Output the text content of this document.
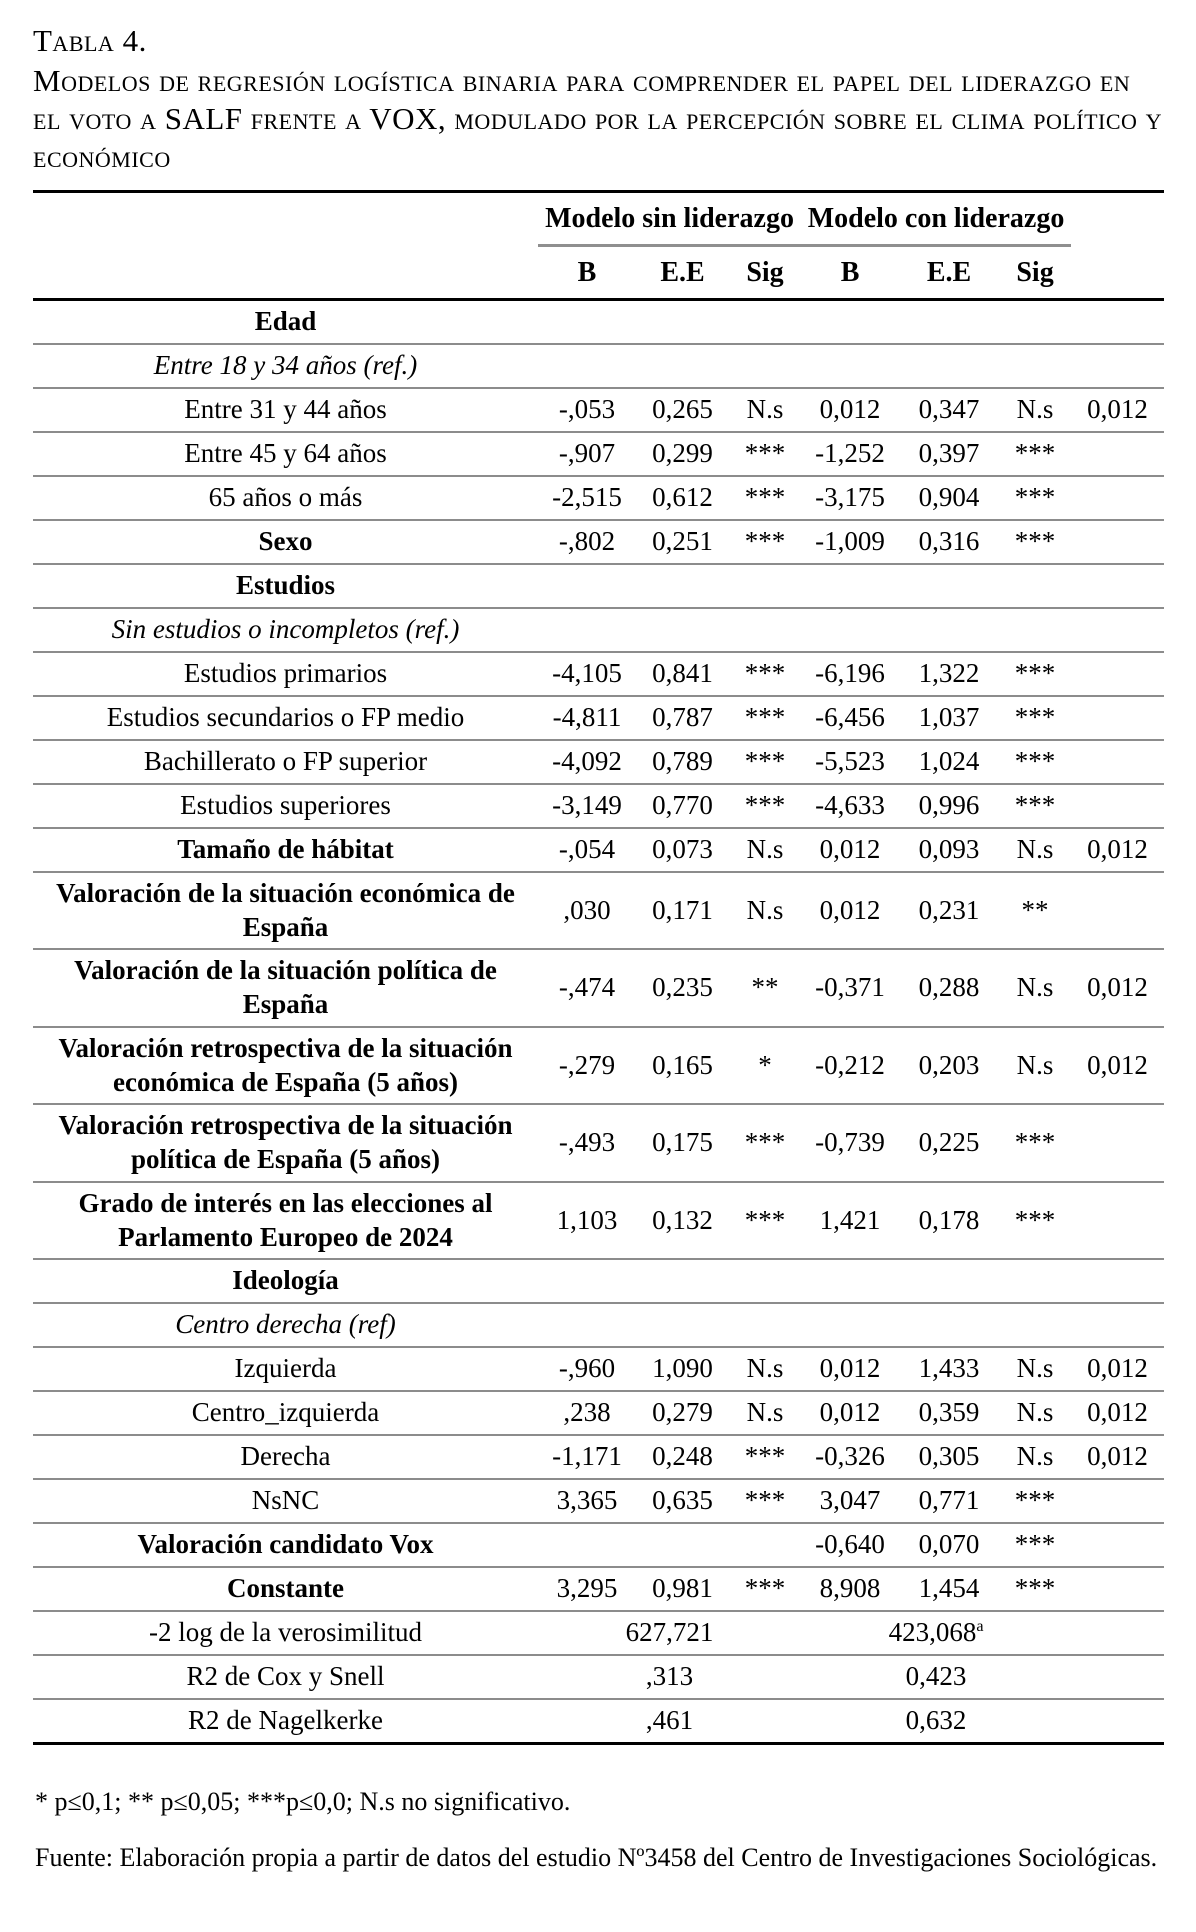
Tabla 4.

Modelos de regresión logística binaria para comprender el papel del liderazgo en el voto a SALF frente a VOX, modulado por la percepción sobre el clima político y económico

	Modelo sin liderazgo			Modelo con liderazgo			
	B	E.E	Sig	B	E.E	Sig	
Edad							
Entre 18 y 34 años (ref.)							
Entre 31 y 44 años	-,053	0,265	N.s	0,012	0,347	N.s	0,012
Entre 45 y 64 años	-,907	0,299	***	-1,252	0,397	***	
65 años o más	-2,515	0,612	***	-3,175	0,904	***	
Sexo	-,802	0,251	***	-1,009	0,316	***	
Estudios							
Sin estudios o incompletos (ref.)							
Estudios primarios	-4,105	0,841	***	-6,196	1,322	***	
Estudios secundarios o FP medio	-4,811	0,787	***	-6,456	1,037	***	
Bachillerato o FP superior	-4,092	0,789	***	-5,523	1,024	***	
Estudios superiores	-3,149	0,770	***	-4,633	0,996	***	
Tamaño de hábitat	-,054	0,073	N.s	0,012	0,093	N.s	0,012
Valoración de la situación económica de España	,030	0,171	N.s	0,012	0,231	**	
Valoración de la situación política de España	-,474	0,235	**	-0,371	0,288	N.s	0,012
Valoración retrospectiva de la situación económica de España (5 años)	-,279	0,165	*	-0,212	0,203	N.s	0,012
Valoración retrospectiva de la situación política de España (5 años)	-,493	0,175	***	-0,739	0,225	***	
Grado de interés en las elecciones al Parlamento Europeo de 2024	1,103	0,132	***	1,421	0,178	***	
Ideología							
Centro derecha (ref)							
Izquierda	-,960	1,090	N.s	0,012	1,433	N.s	0,012
Centro_izquierda	,238	0,279	N.s	0,012	0,359	N.s	0,012
Derecha	-1,171	0,248	***	-0,326	0,305	N.s	0,012
NsNC	3,365	0,635	***	3,047	0,771	***	
Valoración candidato Vox				-0,640	0,070	***	
Constante	3,295	0,981	***	8,908	1,454	***	
-2 log de la verosimilitud	627,721			423,068$^a$	
R2 de Cox y Snell	,313			0,423			
R2 de Nagelkerke	,461			0,632			

* p≤0,1; ** p≤0,05; ***p≤0,0; N.s no significativo.

Fuente: Elaboración propia a partir de datos del estudio Nº3458 del Centro de Investigaciones Sociológicas.
